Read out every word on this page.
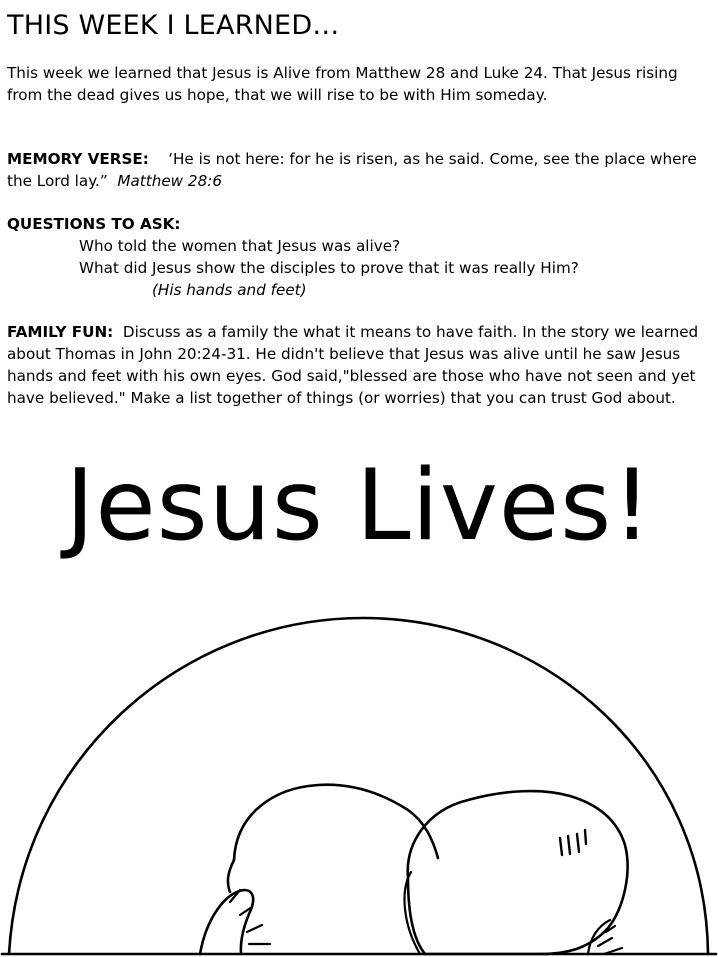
THIS WEEK I LEARNED…

This week we learned that Jesus is Alive from Matthew 28 and Luke 24. That Jesus rising from the dead gives us hope, that we will rise to be with Him someday.

MEMORY VERSE: ‘He is not here: for he is risen, as he said. Come, see the place where the Lord lay.” Matthew 28:6

QUESTIONS TO ASK:
Who told the women that Jesus was alive?
What did Jesus show the disciples to prove that it was really Him?
(His hands and feet)

FAMILY FUN: Discuss as a family the what it means to have faith. In the story we learned about Thomas in John 20:24-31. He didn't believe that Jesus was alive until he saw Jesus hands and feet with his own eyes. God said,"blessed are those who have not seen and yet have believed." Make a list together of things (or worries) that you can trust God about.

Jesus Lives!
